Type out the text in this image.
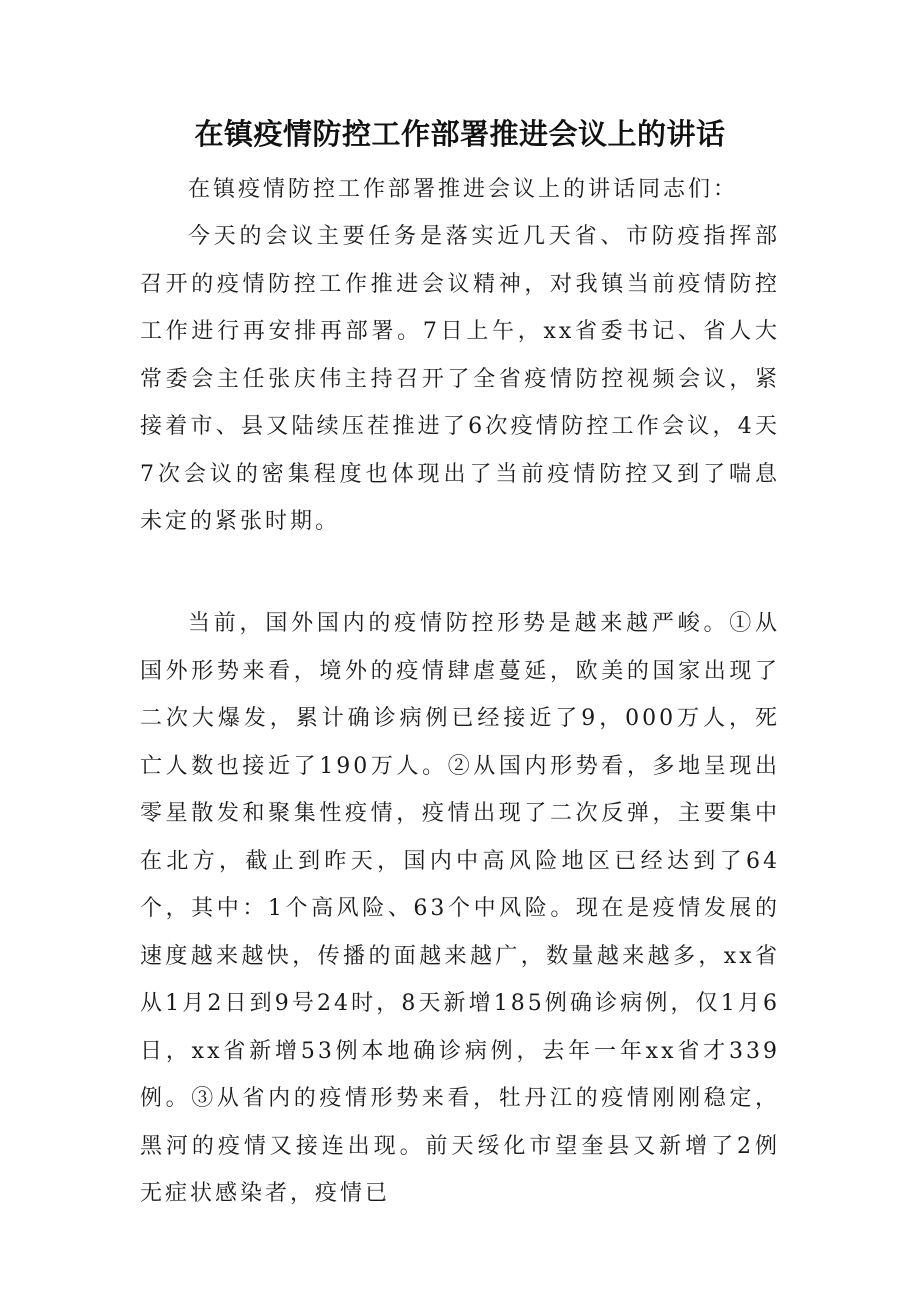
在镇疫情防控工作部署推进会议上的讲话

在镇疫情防控工作部署推进会议上的讲话同志们：

今天的会议主要任务是落实近几天省、市防疫指挥部召开的疫情防控工作推进会议精神，对我镇当前疫情防控工作进行再安排再部署。7日上午，xx省委书记、省人大常委会主任张庆伟主持召开了全省疫情防控视频会议，紧接着市、县又陆续压茬推进了6次疫情防控工作会议，4天7次会议的密集程度也体现出了当前疫情防控又到了喘息未定的紧张时期。

当前，国外国内的疫情防控形势是越来越严峻。①从国外形势来看，境外的疫情肆虐蔓延，欧美的国家出现了二次大爆发，累计确诊病例已经接近了9，000万人，死亡人数也接近了190万人。②从国内形势看，多地呈现出零星散发和聚集性疫情，疫情出现了二次反弹，主要集中在北方，截止到昨天，国内中高风险地区已经达到了64个，其中：1个高风险、63个中风险。现在是疫情发展的速度越来越快，传播的面越来越广，数量越来越多，xx省从1月2日到9号24时，8天新增185例确诊病例，仅1月6日，xx省新增53例本地确诊病例，去年一年xx省才339例。③从省内的疫情形势来看，牡丹江的疫情刚刚稳定，黑河的疫情又接连出现。前天绥化市望奎县又新增了2例无症状感染者，疫情已
